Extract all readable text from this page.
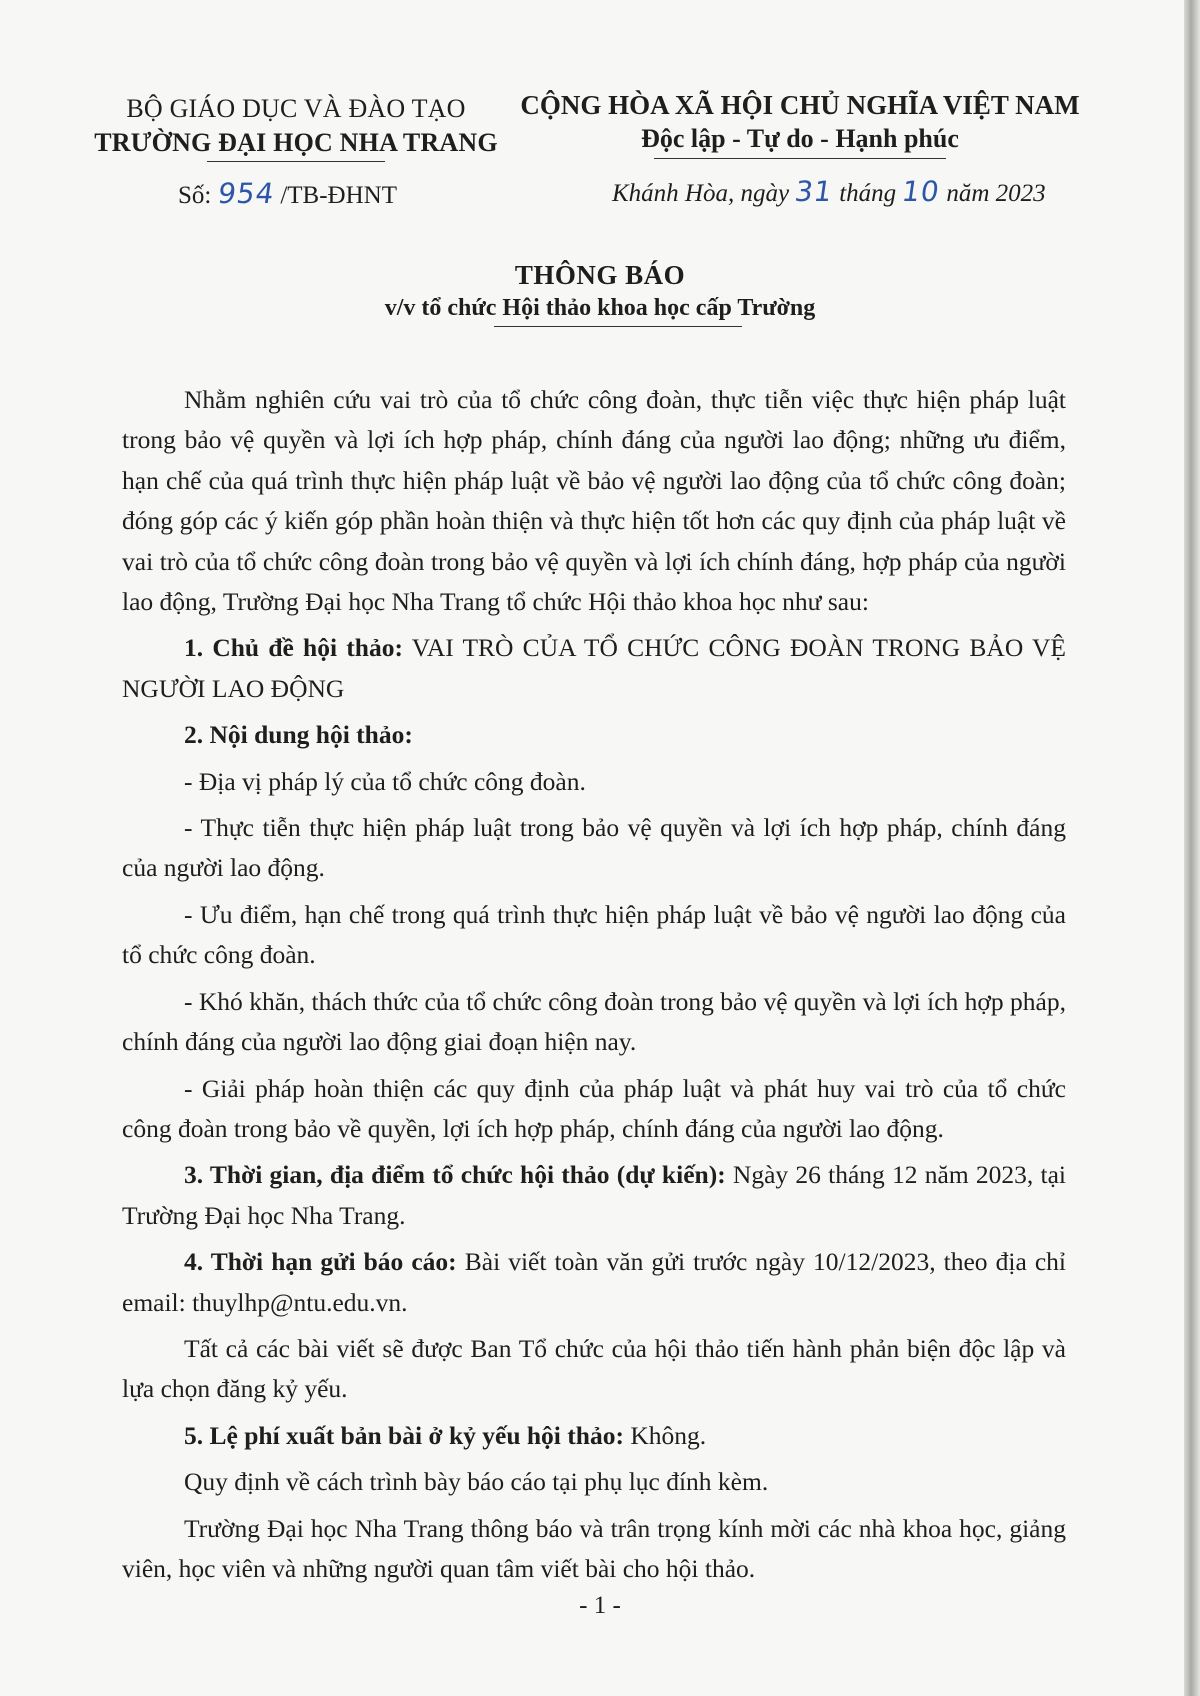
BỘ GIÁO DỤC VÀ ĐÀO TẠO
TRƯỜNG ĐẠI HỌC NHA TRANG
CỘNG HÒA XÃ HỘI CHỦ NGHĨA VIỆT NAM
Độc lập - Tự do - Hạnh phúc
Số: 954 /TB-ĐHNT	Khánh Hòa, ngày 31 tháng 10 năm 2023
THÔNG BÁO
v/v tổ chức Hội thảo khoa học cấp Trường

Nhằm nghiên cứu vai trò của tổ chức công đoàn, thực tiễn việc thực hiện pháp luật trong bảo vệ quyền và lợi ích hợp pháp, chính đáng của người lao động; những ưu điểm, hạn chế của quá trình thực hiện pháp luật về bảo vệ người lao động của tổ chức công đoàn; đóng góp các ý kiến góp phần hoàn thiện và thực hiện tốt hơn các quy định của pháp luật về vai trò của tổ chức công đoàn trong bảo vệ quyền và lợi ích chính đáng, hợp pháp của người lao động, Trường Đại học Nha Trang tổ chức Hội thảo khoa học như sau:

1. Chủ đề hội thảo: VAI TRÒ CỦA TỔ CHỨC CÔNG ĐOÀN TRONG BẢO VỆ NGƯỜI LAO ĐỘNG

2. Nội dung hội thảo:

- Địa vị pháp lý của tổ chức công đoàn.

- Thực tiễn thực hiện pháp luật trong bảo vệ quyền và lợi ích hợp pháp, chính đáng của người lao động.

- Ưu điểm, hạn chế trong quá trình thực hiện pháp luật về bảo vệ người lao động của tổ chức công đoàn.

- Khó khăn, thách thức của tổ chức công đoàn trong bảo vệ quyền và lợi ích hợp pháp, chính đáng của người lao động giai đoạn hiện nay.

- Giải pháp hoàn thiện các quy định của pháp luật và phát huy vai trò của tổ chức công đoàn trong bảo về quyền, lợi ích hợp pháp, chính đáng của người lao động.

3. Thời gian, địa điểm tổ chức hội thảo (dự kiến): Ngày 26 tháng 12 năm 2023, tại Trường Đại học Nha Trang.

4. Thời hạn gửi báo cáo: Bài viết toàn văn gửi trước ngày 10/12/2023, theo địa chỉ email: thuylhp@ntu.edu.vn.

Tất cả các bài viết sẽ được Ban Tổ chức của hội thảo tiến hành phản biện độc lập và lựa chọn đăng kỷ yếu.

5. Lệ phí xuất bản bài ở kỷ yếu hội thảo: Không.

Quy định về cách trình bày báo cáo tại phụ lục đính kèm.

Trường Đại học Nha Trang thông báo và trân trọng kính mời các nhà khoa học, giảng viên, học viên và những người quan tâm viết bài cho hội thảo.

- 1 -
